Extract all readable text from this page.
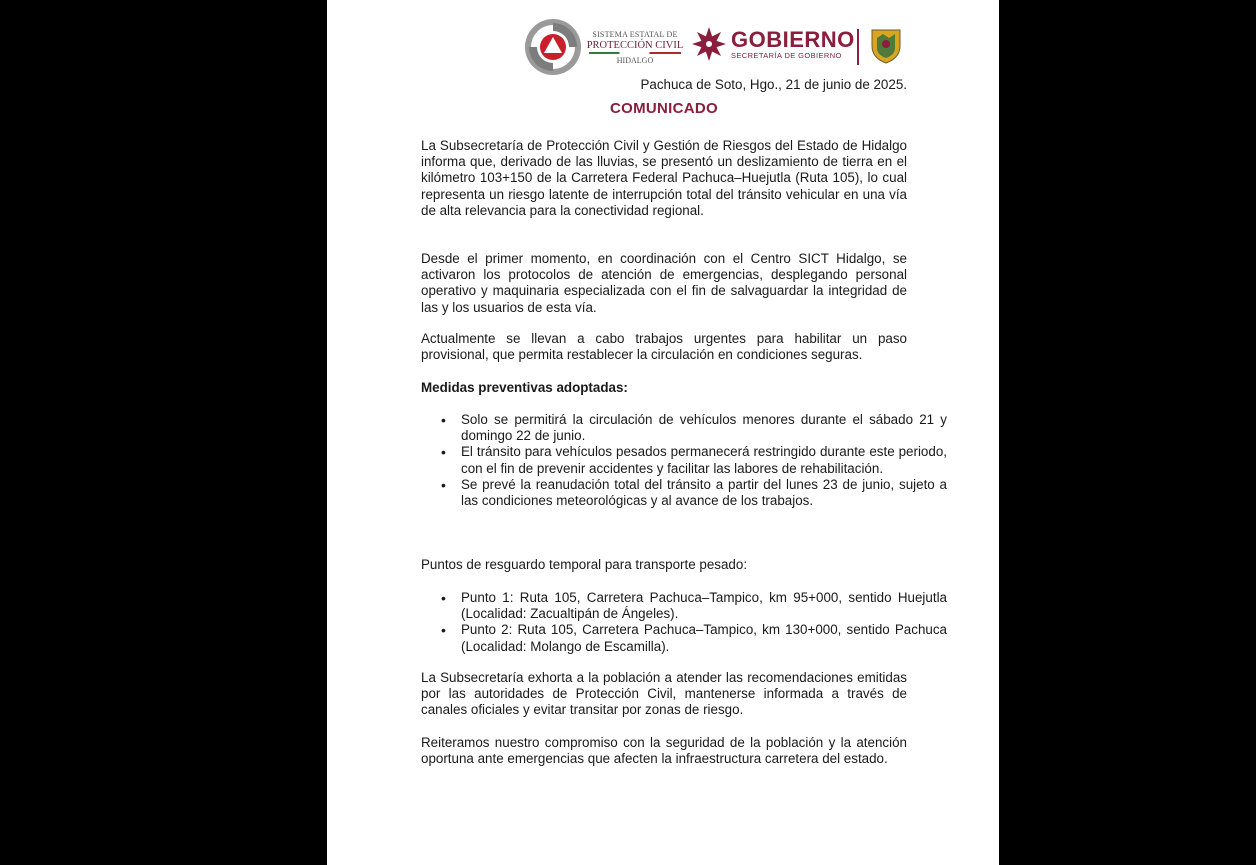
SISTEMA ESTATAL DE
PROTECCIÓN CIVIL
HIDALGO
GOBIERNO
SECRETARÍA DE GOBIERNO
Pachuca de Soto, Hgo., 21 de junio de 2025.
COMUNICADO

La Subsecretaría de Protección Civil y Gestión de Riesgos del Estado de Hidalgo informa que, derivado de las lluvias, se presentó un deslizamiento de tierra en el kilómetro 103+150 de la Carretera Federal Pachuca–Huejutla (Ruta 105), lo cual representa un riesgo latente de interrupción total del tránsito vehicular en una vía de alta relevancia para la conectividad regional.

Desde el primer momento, en coordinación con el Centro SICT Hidalgo, se activaron los protocolos de atención de emergencias, desplegando personal operativo y maquinaria especializada con el fin de salvaguardar la integridad de las y los usuarios de esta vía.

Actualmente se llevan a cabo trabajos urgentes para habilitar un paso provisional, que permita restablecer la circulación en condiciones seguras.

Medidas preventivas adoptadas:

• Solo se permitirá la circulación de vehículos menores durante el sábado 21 y domingo 22 de junio.
• El tránsito para vehículos pesados permanecerá restringido durante este periodo, con el fin de prevenir accidentes y facilitar las labores de rehabilitación.
• Se prevé la reanudación total del tránsito a partir del lunes 23 de junio, sujeto a las condiciones meteorológicas y al avance de los trabajos.

Puntos de resguardo temporal para transporte pesado:

• Punto 1: Ruta 105, Carretera Pachuca–Tampico, km 95+000, sentido Huejutla (Localidad: Zacualtipán de Ángeles).
• Punto 2: Ruta 105, Carretera Pachuca–Tampico, km 130+000, sentido Pachuca (Localidad: Molango de Escamilla).

La Subsecretaría exhorta a la población a atender las recomendaciones emitidas por las autoridades de Protección Civil, mantenerse informada a través de canales oficiales y evitar transitar por zonas de riesgo.

Reiteramos nuestro compromiso con la seguridad de la población y la atención oportuna ante emergencias que afecten la infraestructura carretera del estado.
